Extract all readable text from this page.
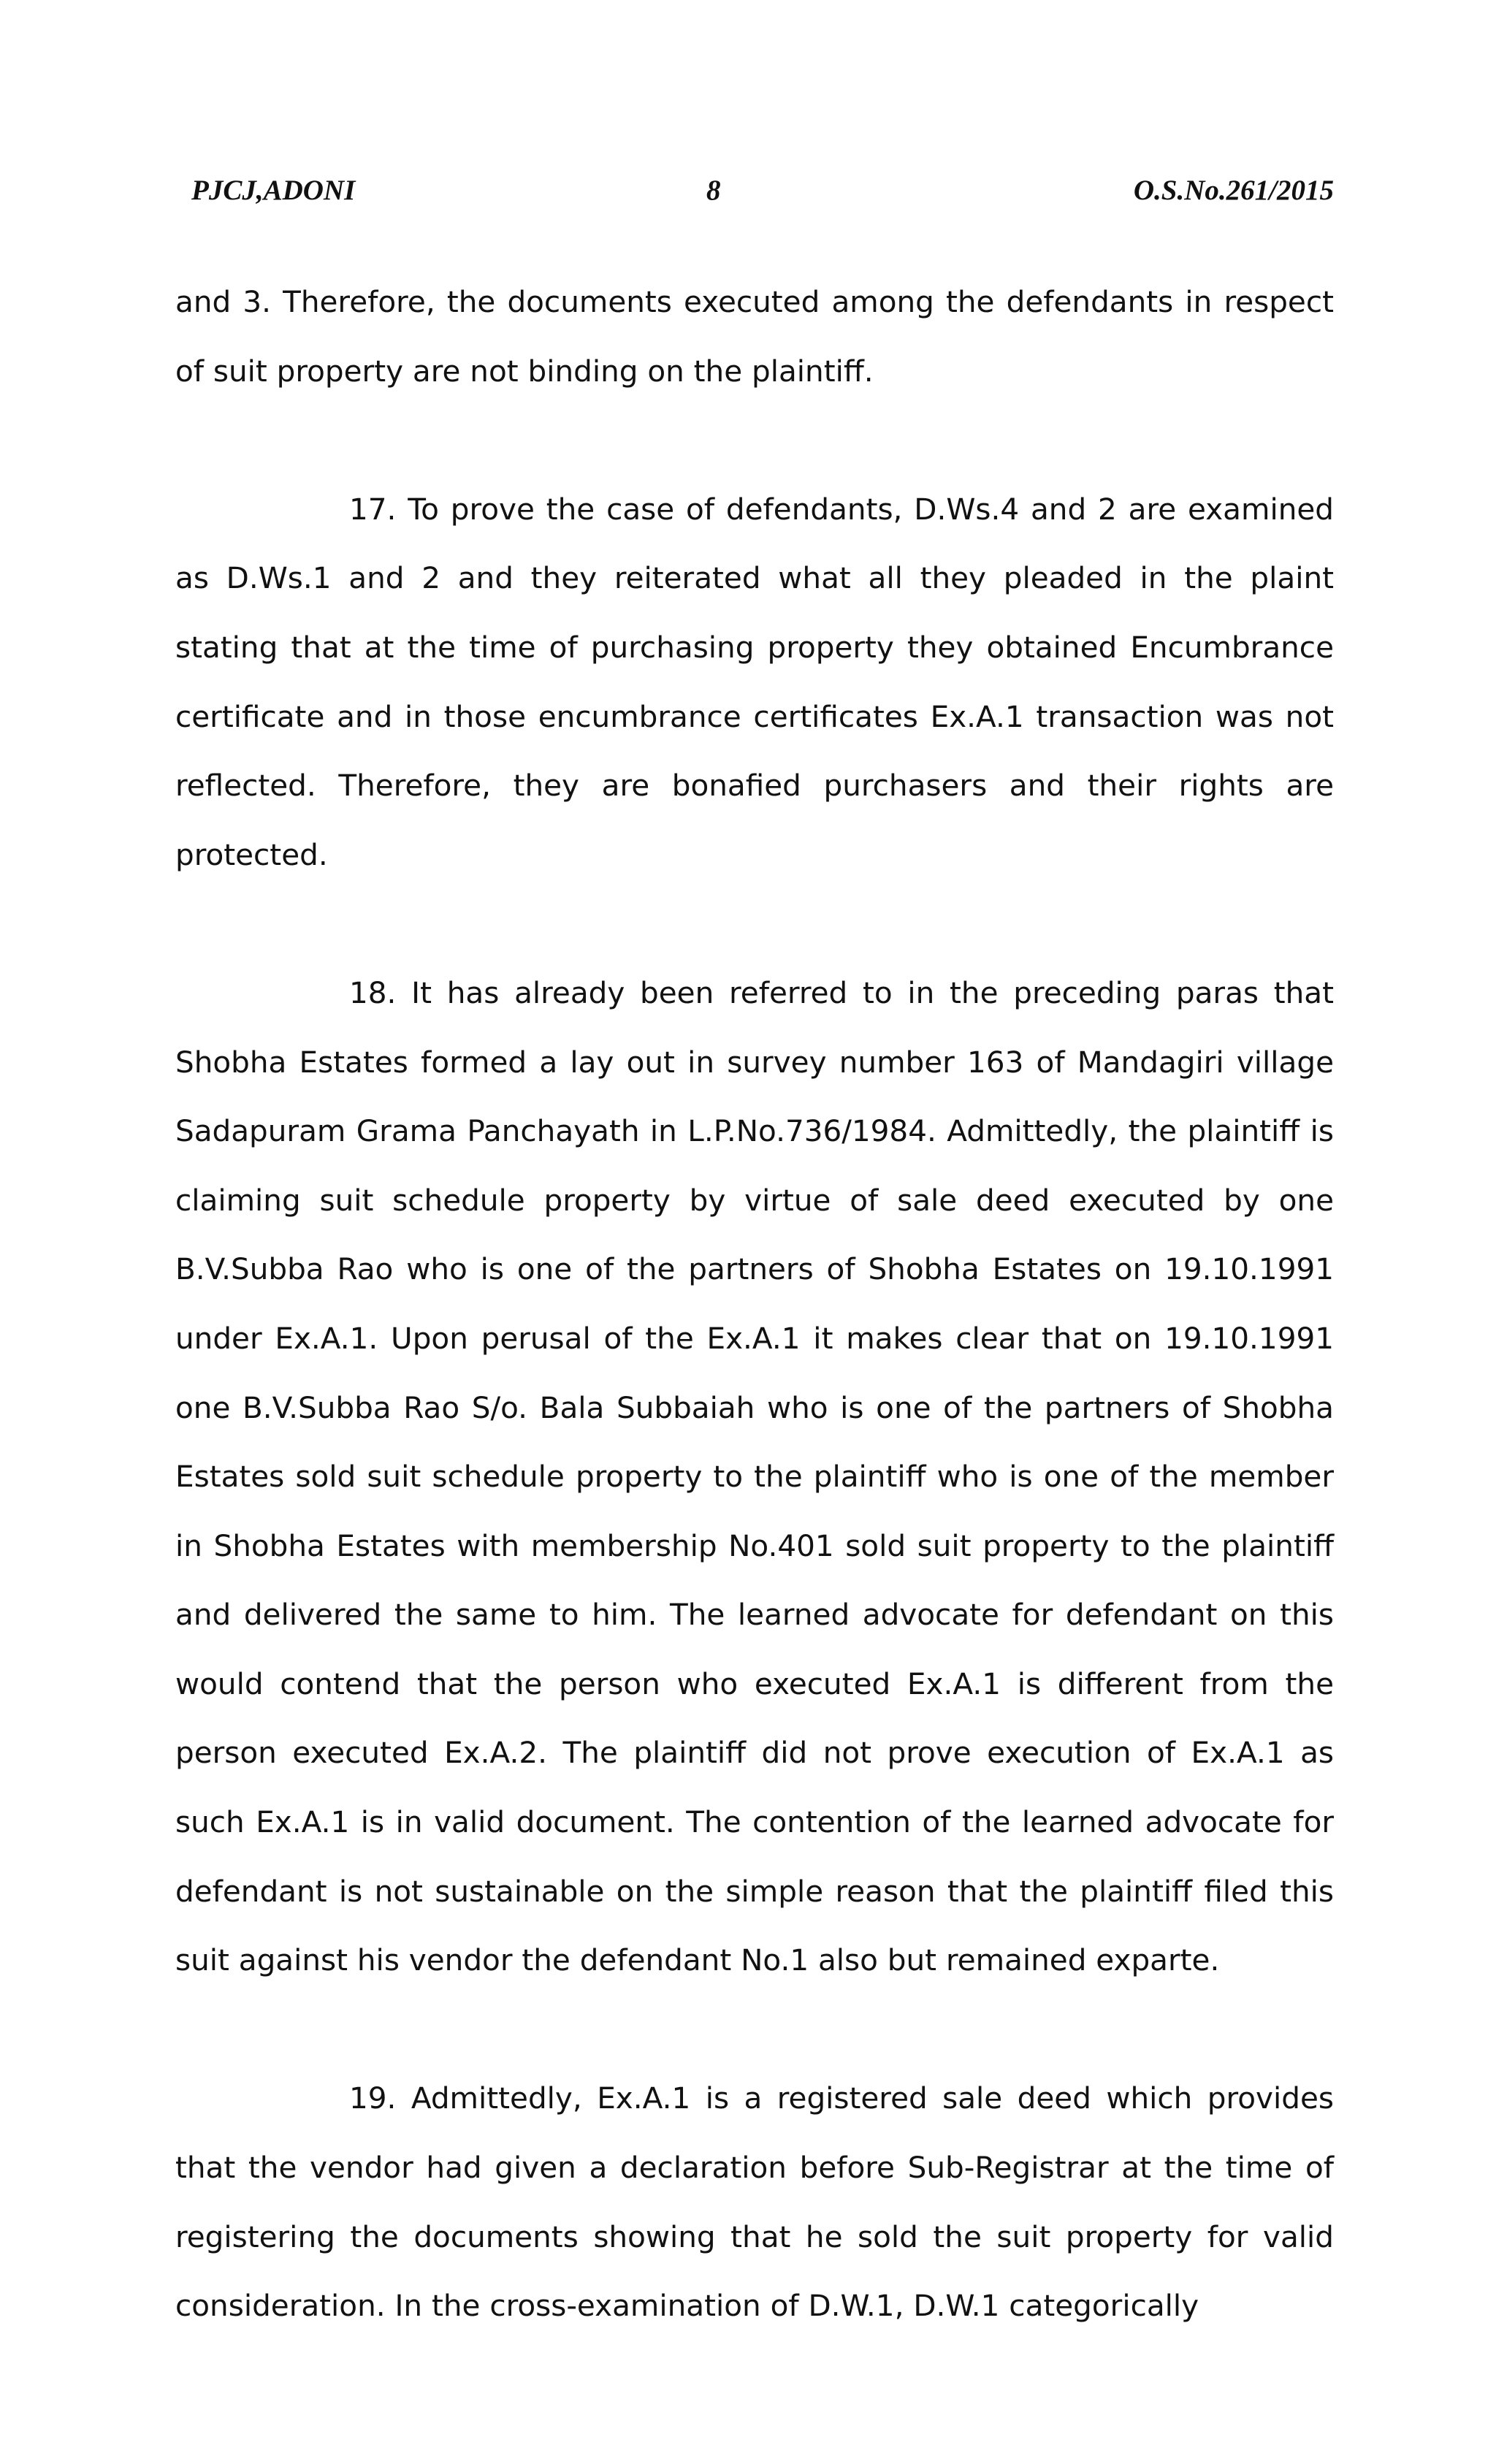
PJCJ,ADONI	8	O.S.No.261/2015

and 3. Therefore, the documents executed among the defendants in respect of suit property are not binding on the plaintiff.

17. To prove the case of defendants, D.Ws.4 and 2 are examined as D.Ws.1 and 2 and they reiterated what all they pleaded in the plaint stating that at the time of purchasing property they obtained Encumbrance certificate and in those encumbrance certificates Ex.A.1 transaction was not reflected. Therefore, they are bonafied purchasers and their rights are protected.

18. It has already been referred to in the preceding paras that Shobha Estates formed a lay out in survey number 163 of Mandagiri village Sadapuram Grama Panchayath in L.P.No.736/1984. Admittedly, the plaintiff is claiming suit schedule property by virtue of sale deed executed by one B.V.Subba Rao who is one of the partners of Shobha Estates on 19.10.1991 under Ex.A.1. Upon perusal of the Ex.A.1 it makes clear that on 19.10.1991 one B.V.Subba Rao S/o. Bala Subbaiah who is one of the partners of Shobha Estates sold suit schedule property to the plaintiff who is one of the member in Shobha Estates with membership No.401 sold suit property to the plaintiff and delivered the same to him. The learned advocate for defendant on this would contend that the person who executed Ex.A.1 is different from the person executed Ex.A.2. The plaintiff did not prove execution of Ex.A.1 as such Ex.A.1 is in valid document. The contention of the learned advocate for defendant is not sustainable on the simple reason that the plaintiff filed this suit against his vendor the defendant No.1 also but remained exparte.

19. Admittedly, Ex.A.1 is a registered sale deed which provides that the vendor had given a declaration before Sub-Registrar at the time of registering the documents showing that he sold the suit property for valid consideration. In the cross-examination of D.W.1, D.W.1 categorically
